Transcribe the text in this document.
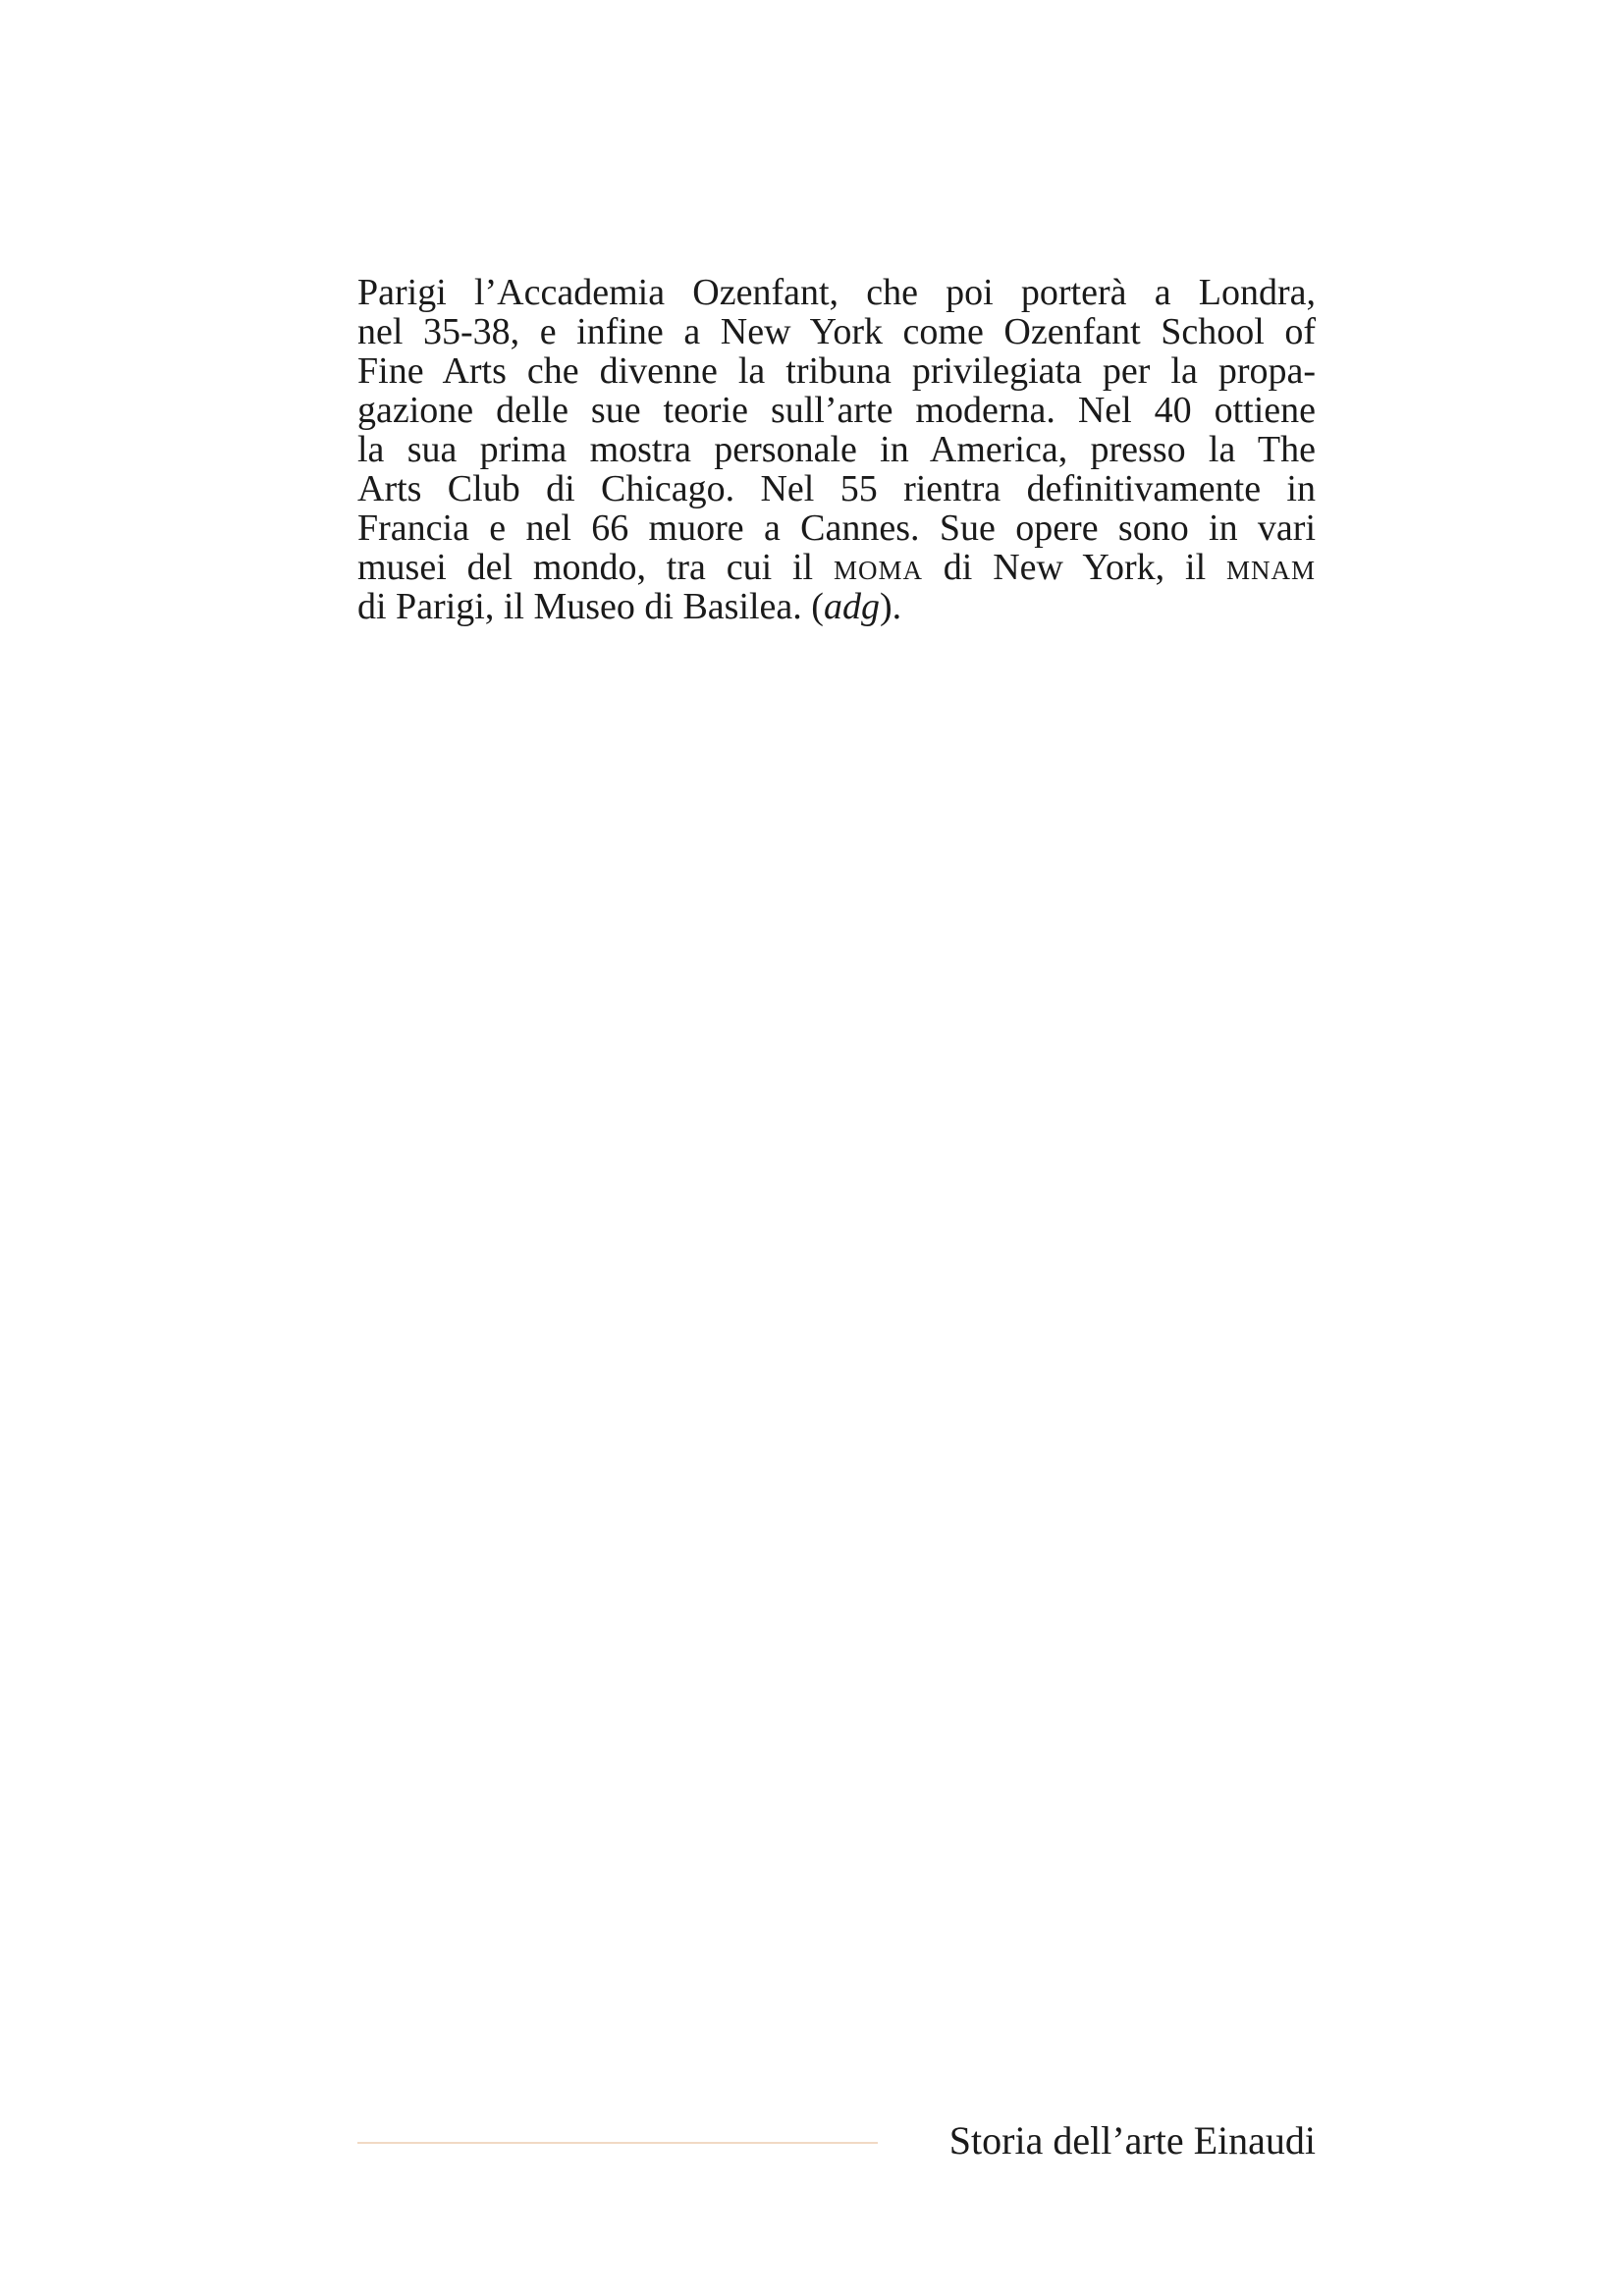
Parigi l’Accademia Ozenfant, che poi porterà a Londra,

nel 35-38, e infine a New York come Ozenfant School of

Fine Arts che divenne la tribuna privilegiata per la propa-

gazione delle sue teorie sull’arte moderna. Nel 40 ottiene

la sua prima mostra personale in America, presso la The

Arts Club di Chicago. Nel 55 rientra definitivamente in

Francia e nel 66 muore a Cannes. Sue opere sono in vari

musei del mondo, tra cui il moma di New York, il mnam

di Parigi, il Museo di Basilea. (adg).

Storia dell’arte Einaudi
